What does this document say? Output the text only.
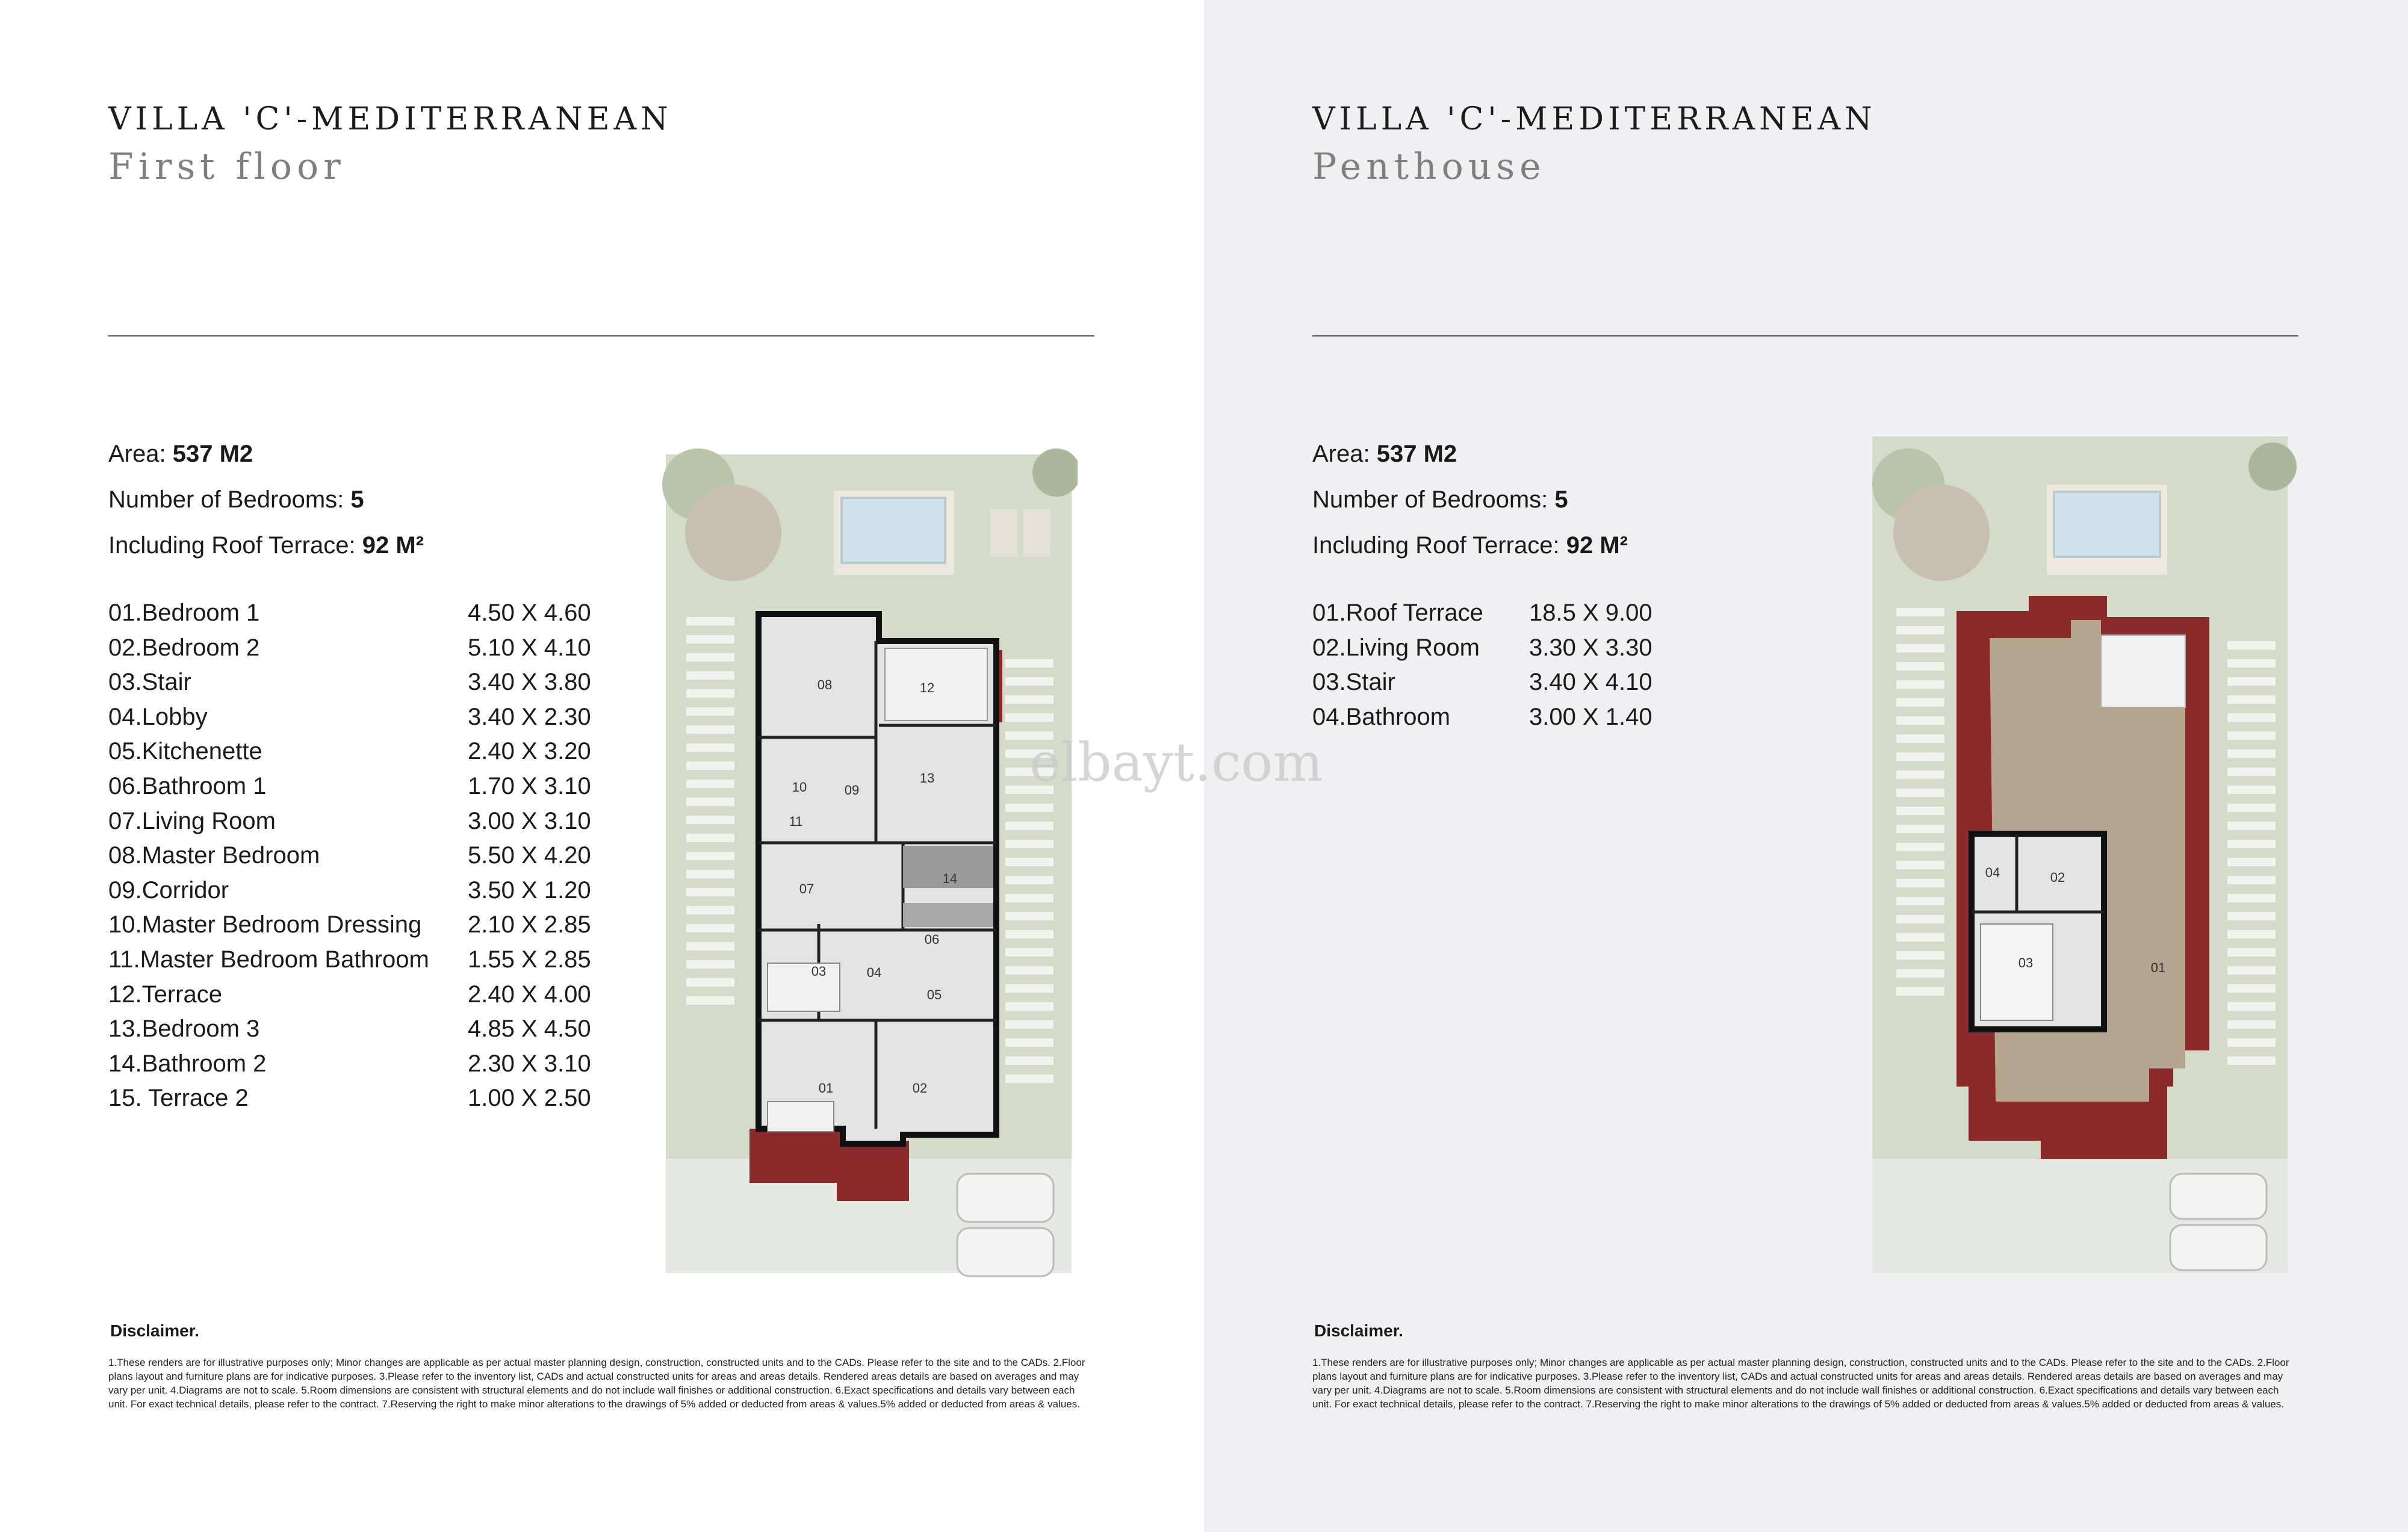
VILLA 'C'-MEDITERRANEAN
First floor
Area: 537 M2
Number of Bedrooms: 5
Including Roof Terrace: 92 M²
01.Bedroom 1	4.50 X 4.60
02.Bedroom 2	5.10 X 4.10
03.Stair	3.40 X 3.80
04.Lobby	3.40 X 2.30
05.Kitchenette	2.40 X 3.20
06.Bathroom 1	1.70 X 3.10
07.Living Room	3.00 X 3.10
08.Master Bedroom	5.50 X 4.20
09.Corridor	3.50 X 1.20
10.Master Bedroom Dressing	2.10 X 2.85
11.Master Bedroom Bathroom	1.55 X 2.85
12.Terrace	2.40 X 4.00
13.Bedroom 3	4.85 X 4.50
14.Bathroom 2	2.30 X 3.10
15. Terrace 2	1.00 X 2.50
08	12
10	09
13
11
07
14
06
03	04
05
01	02
Disclaimer.
1.These renders are for illustrative purposes only; Minor changes are applicable as per actual master planning design, construction, constructed units and to the CADs. Please refer to the site and to the CADs. 2.Floor plans layout and furniture plans are for indicative purposes. 3.Please refer to the inventory list, CADs and actual constructed units for areas and areas details. Rendered areas details are based on averages and may vary per unit. 4.Diagrams are not to scale. 5.Room dimensions are consistent with structural elements and do not include wall finishes or additional construction. 6.Exact specifications and details vary between each unit. For exact technical details, please refer to the contract. 7.Reserving the right to make minor alterations to the drawings of 5% added or deducted from areas & values.5% added or deducted from areas & values.
VILLA 'C'-MEDITERRANEAN
Penthouse
Area: 537 M2
Number of Bedrooms: 5
Including Roof Terrace: 92 M²
01.Roof Terrace	18.5 X 9.00
02.Living Room	3.30 X 3.30
03.Stair	3.40 X 4.10
04.Bathroom	3.00 X 1.40
04	02
03	01
Disclaimer.
1.These renders are for illustrative purposes only; Minor changes are applicable as per actual master planning design, construction, constructed units and to the CADs. Please refer to the site and to the CADs. 2.Floor plans layout and furniture plans are for indicative purposes. 3.Please refer to the inventory list, CADs and actual constructed units for areas and areas details. Rendered areas details are based on averages and may vary per unit. 4.Diagrams are not to scale. 5.Room dimensions are consistent with structural elements and do not include wall finishes or additional construction. 6.Exact specifications and details vary between each unit. For exact technical details, please refer to the contract. 7.Reserving the right to make minor alterations to the drawings of 5% added or deducted from areas & values.5% added or deducted from areas & values.
elbayt.com
